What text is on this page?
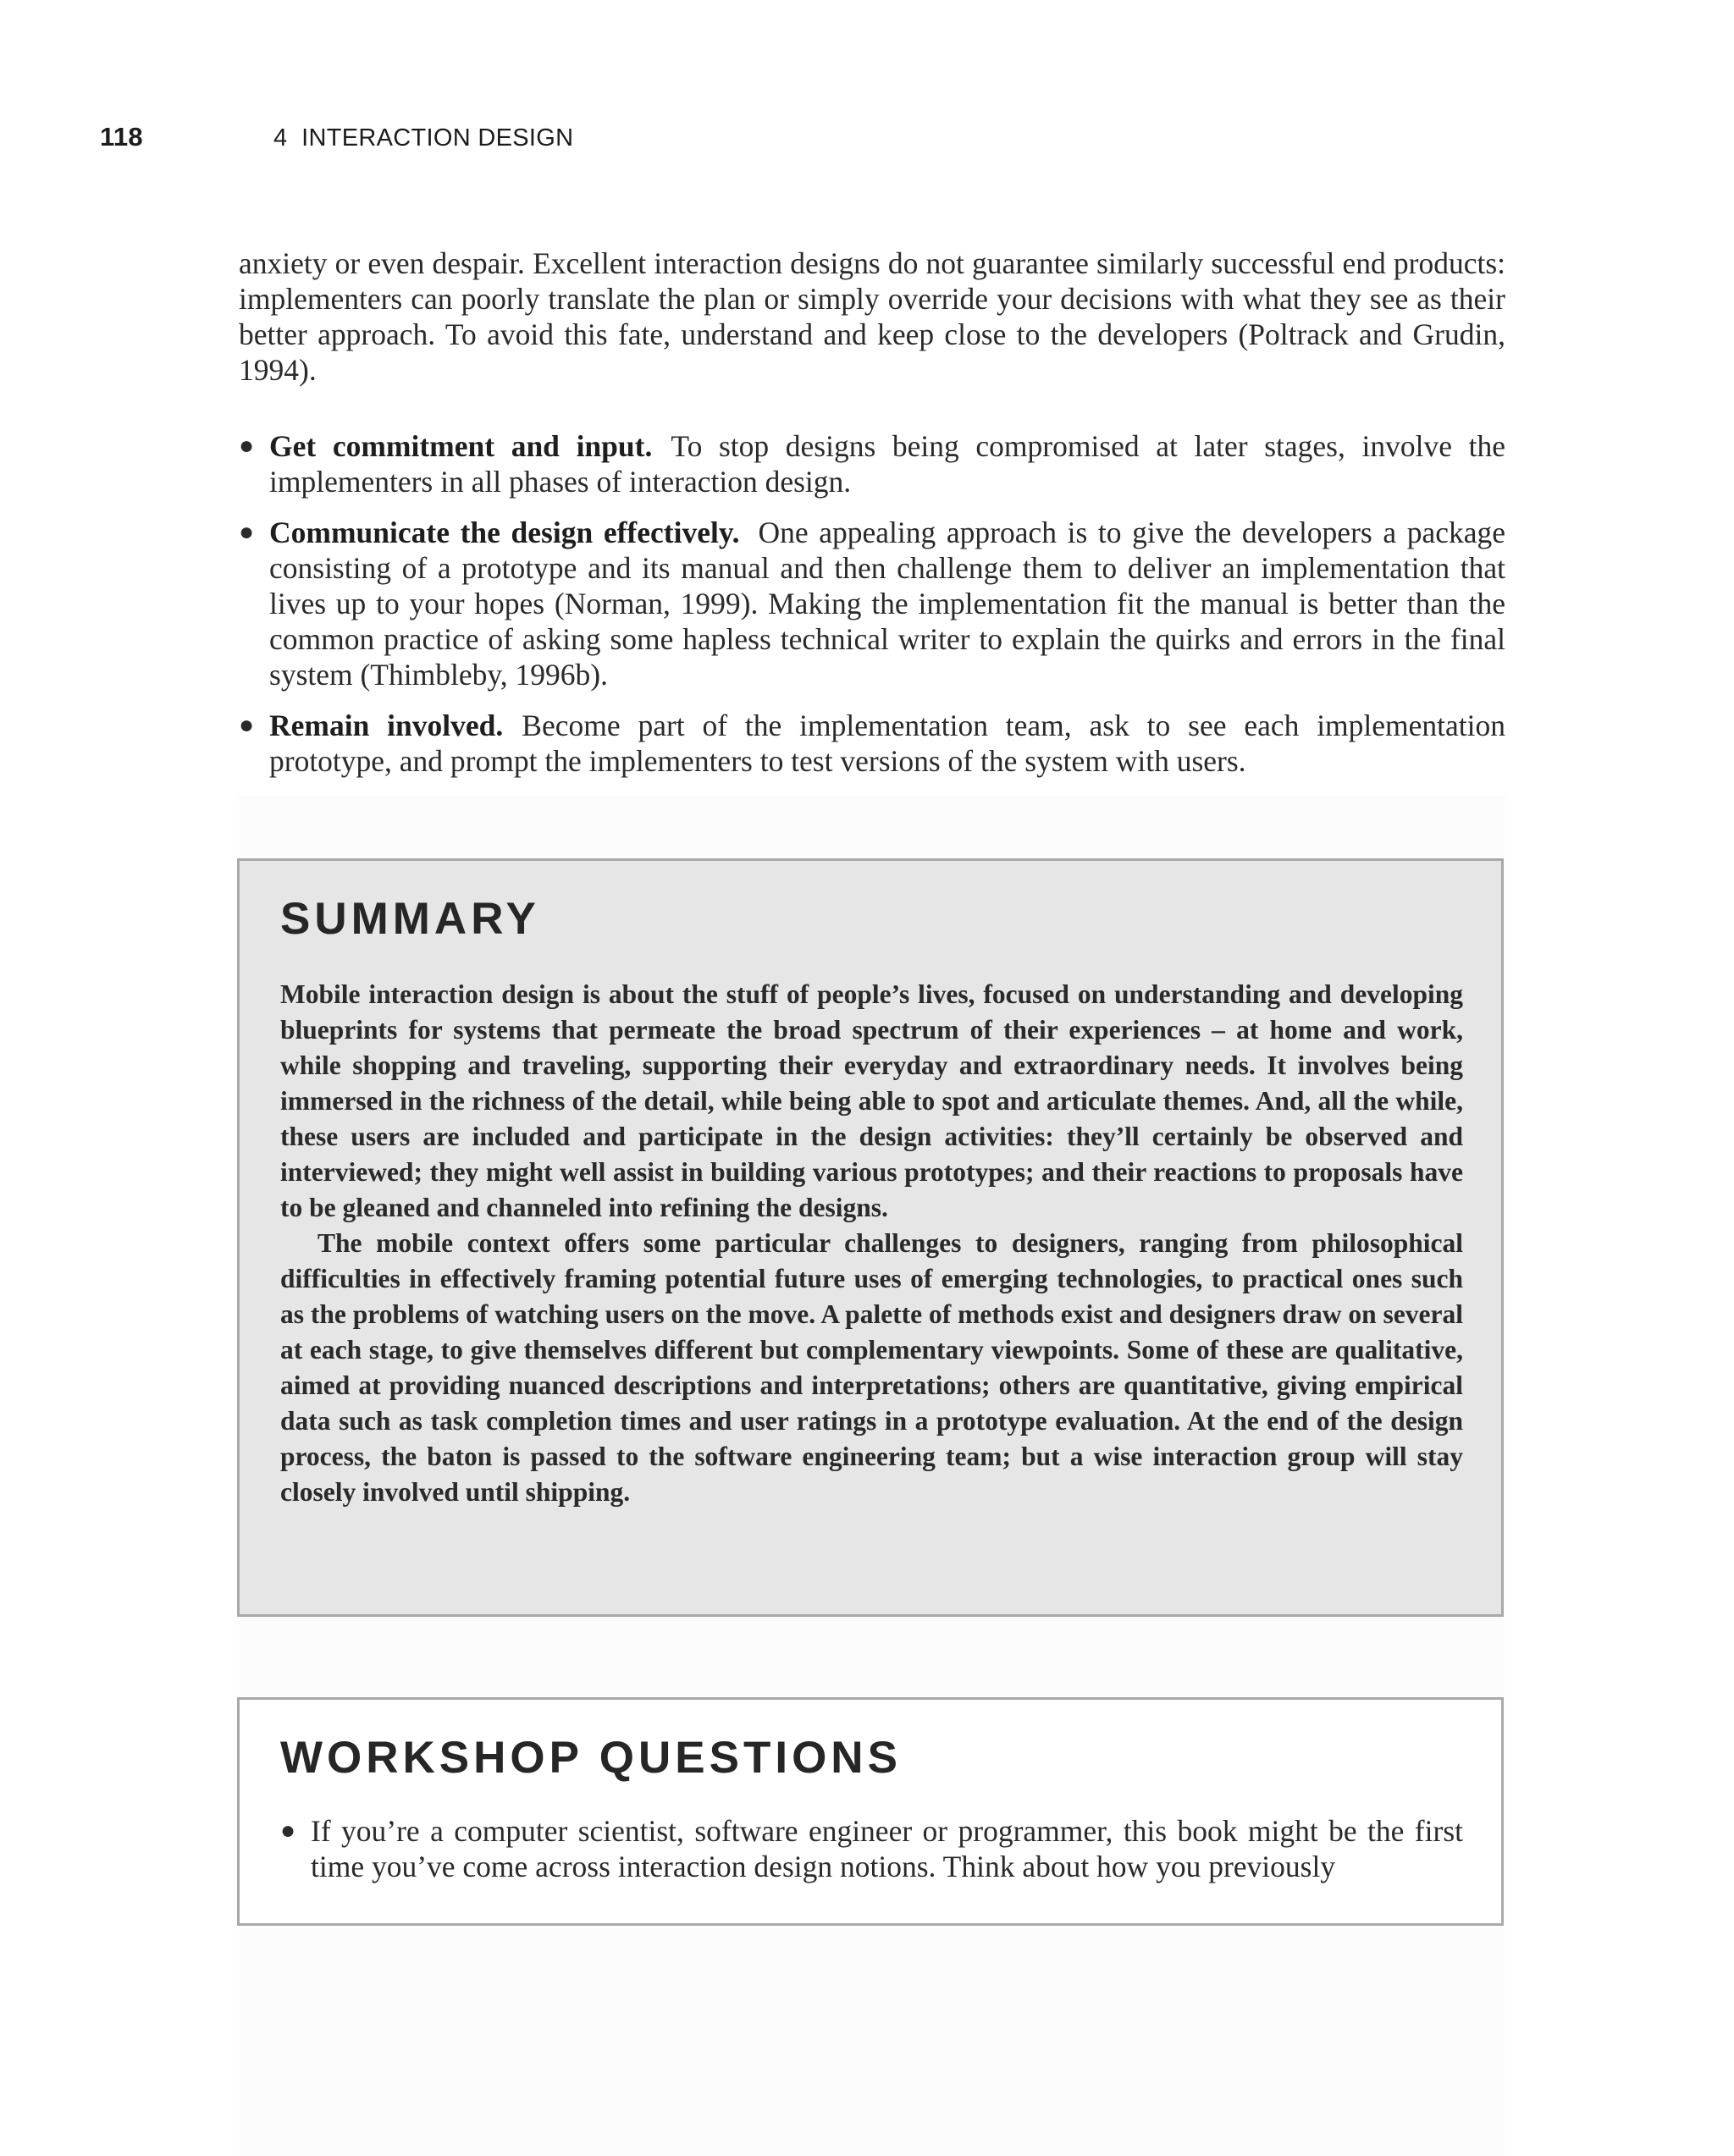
118	4 INTERACTION DESIGN
anxiety or even despair. Excellent interaction designs do not guarantee similarly successful end products: implementers can poorly translate the plan or simply override your decisions with what they see as their better approach. To avoid this fate, understand and keep close to the developers (Poltrack and Grudin, 1994).
● Get commitment and input. To stop designs being compromised at later stages, involve the implementers in all phases of interaction design.
● Communicate the design effectively. One appealing approach is to give the developers a package consisting of a prototype and its manual and then challenge them to deliver an implementation that lives up to your hopes (Norman, 1999). Making the implementation fit the manual is better than the common practice of asking some hapless technical writer to explain the quirks and errors in the final system (Thimbleby, 1996b).
● Remain involved. Become part of the implementation team, ask to see each implementation prototype, and prompt the implementers to test versions of the system with users.
SUMMARY

Mobile interaction design is about the stuff of people’s lives, focused on understanding and developing blueprints for systems that permeate the broad spectrum of their experiences – at home and work, while shopping and traveling, supporting their everyday and extraordinary needs. It involves being immersed in the richness of the detail, while being able to spot and articulate themes. And, all the while, these users are included and participate in the design activities: they’ll certainly be observed and interviewed; they might well assist in building various prototypes; and their reactions to proposals have to be gleaned and channeled into refining the designs.

The mobile context offers some particular challenges to designers, ranging from philosophical difficulties in effectively framing potential future uses of emerging technologies, to practical ones such as the problems of watching users on the move. A palette of methods exist and designers draw on several at each stage, to give themselves different but complementary viewpoints. Some of these are qualitative, aimed at providing nuanced descriptions and interpretations; others are quantitative, giving empirical data such as task completion times and user ratings in a prototype evaluation. At the end of the design process, the baton is passed to the software engineering team; but a wise interaction group will stay closely involved until shipping.

WORKSHOP QUESTIONS
● If you’re a computer scientist, software engineer or programmer, this book might be the first time you’ve come across interaction design notions. Think about how you previously
